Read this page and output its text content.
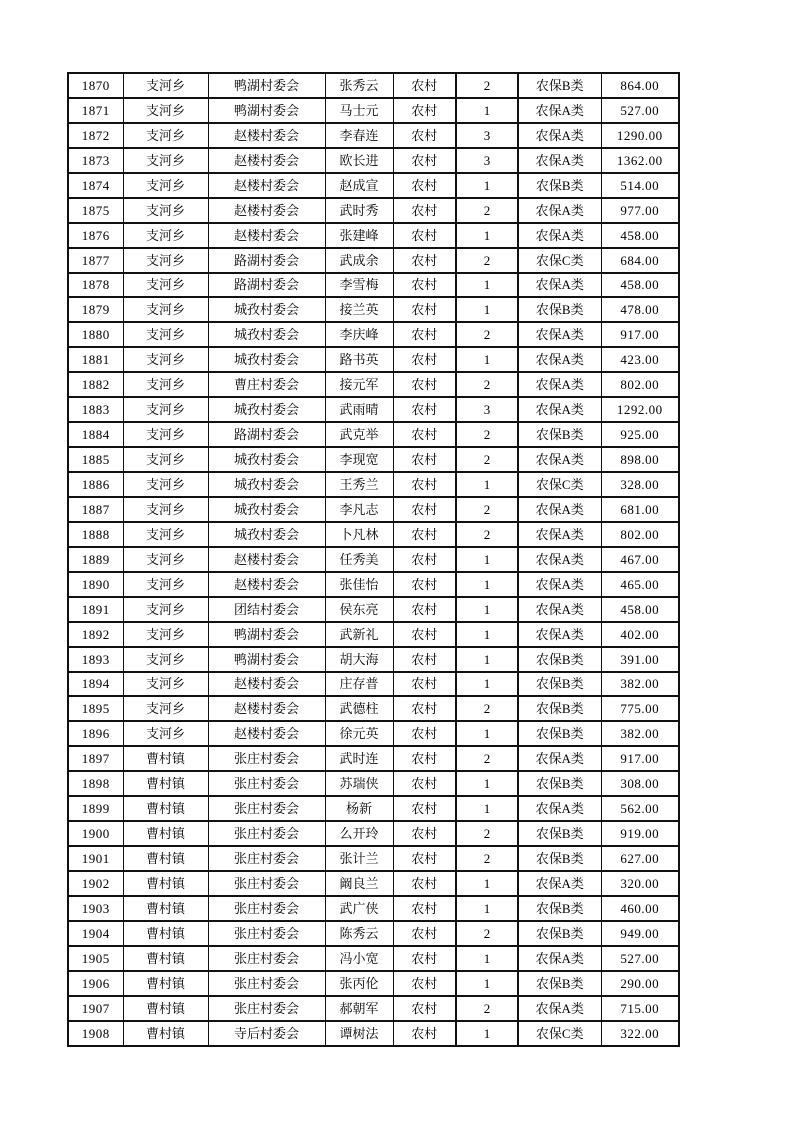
1870	支河乡	鸭湖村委会	张秀云	农村	2	农保B类	864.00
1871	支河乡	鸭湖村委会	马士元	农村	1	农保A类	527.00
1872	支河乡	赵楼村委会	李春连	农村	3	农保A类	1290.00
1873	支河乡	赵楼村委会	欧长进	农村	3	农保A类	1362.00
1874	支河乡	赵楼村委会	赵成宣	农村	1	农保B类	514.00
1875	支河乡	赵楼村委会	武时秀	农村	2	农保A类	977.00
1876	支河乡	赵楼村委会	张建峰	农村	1	农保A类	458.00
1877	支河乡	路湖村委会	武成余	农村	2	农保C类	684.00
1878	支河乡	路湖村委会	李雪梅	农村	1	农保A类	458.00
1879	支河乡	城孜村委会	接兰英	农村	1	农保B类	478.00
1880	支河乡	城孜村委会	李庆峰	农村	2	农保A类	917.00
1881	支河乡	城孜村委会	路书英	农村	1	农保A类	423.00
1882	支河乡	曹庄村委会	接元军	农村	2	农保A类	802.00
1883	支河乡	城孜村委会	武雨晴	农村	3	农保A类	1292.00
1884	支河乡	路湖村委会	武克举	农村	2	农保B类	925.00
1885	支河乡	城孜村委会	李现宽	农村	2	农保A类	898.00
1886	支河乡	城孜村委会	王秀兰	农村	1	农保C类	328.00
1887	支河乡	城孜村委会	李凡志	农村	2	农保A类	681.00
1888	支河乡	城孜村委会	卜凡林	农村	2	农保A类	802.00
1889	支河乡	赵楼村委会	任秀美	农村	1	农保A类	467.00
1890	支河乡	赵楼村委会	张佳怡	农村	1	农保A类	465.00
1891	支河乡	团结村委会	侯东亮	农村	1	农保A类	458.00
1892	支河乡	鸭湖村委会	武新礼	农村	1	农保A类	402.00
1893	支河乡	鸭湖村委会	胡大海	农村	1	农保B类	391.00
1894	支河乡	赵楼村委会	庄存普	农村	1	农保B类	382.00
1895	支河乡	赵楼村委会	武德柱	农村	2	农保B类	775.00
1896	支河乡	赵楼村委会	徐元英	农村	1	农保B类	382.00
1897	曹村镇	张庄村委会	武时连	农村	2	农保A类	917.00
1898	曹村镇	张庄村委会	苏瑞侠	农村	1	农保B类	308.00
1899	曹村镇	张庄村委会	杨新	农村	1	农保A类	562.00
1900	曹村镇	张庄村委会	么开玲	农村	2	农保B类	919.00
1901	曹村镇	张庄村委会	张计兰	农村	2	农保B类	627.00
1902	曹村镇	张庄村委会	阚良兰	农村	1	农保A类	320.00
1903	曹村镇	张庄村委会	武广侠	农村	1	农保B类	460.00
1904	曹村镇	张庄村委会	陈秀云	农村	2	农保B类	949.00
1905	曹村镇	张庄村委会	冯小宽	农村	1	农保A类	527.00
1906	曹村镇	张庄村委会	张丙伦	农村	1	农保B类	290.00
1907	曹村镇	张庄村委会	郝朝军	农村	2	农保A类	715.00
1908	曹村镇	寺后村委会	谭树法	农村	1	农保C类	322.00
